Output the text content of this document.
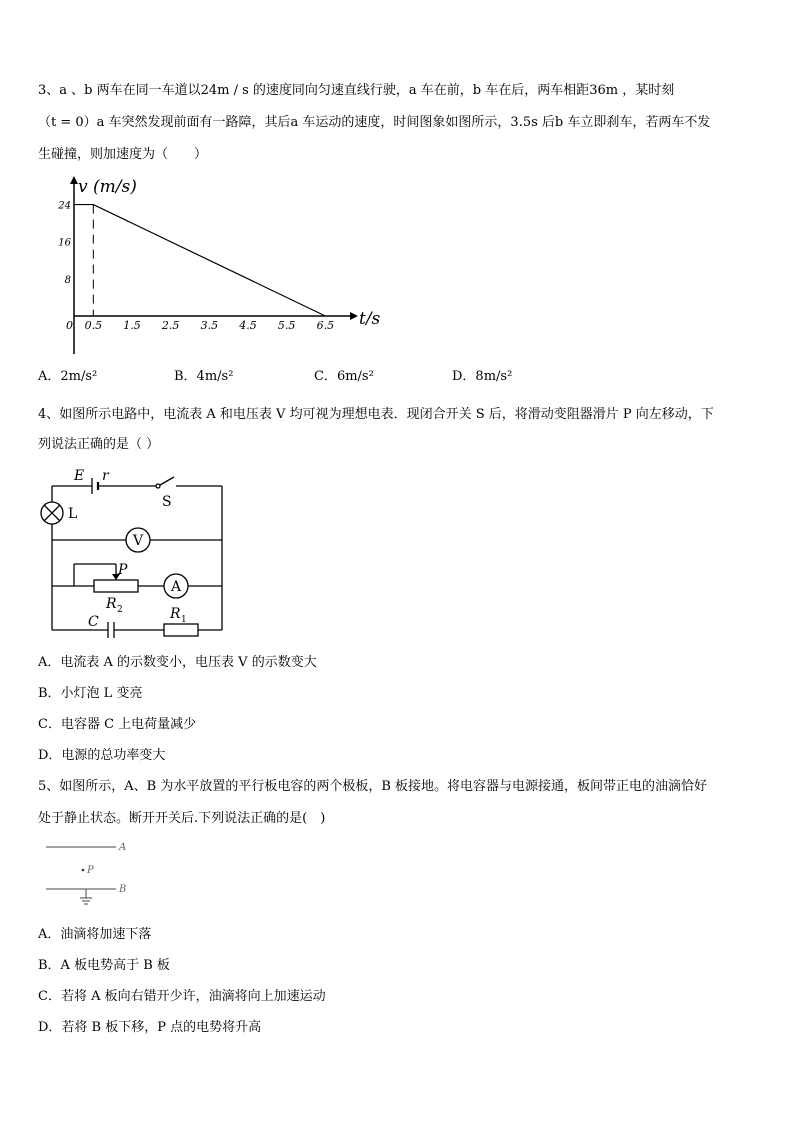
3、a 、b 两车在同一车道以24m / s 的速度同向匀速直线行驶，a 车在前，b 车在后，两车相距36m ，某时刻
（t = 0）a 车突然发现前面有一路障，其后a 车运动的速度，时间图象如图所示，3.5s 后b 车立即刹车，若两车不发
生碰撞，则加速度为（　　）
v (m/s)
t/s
24
16
8
0 0.5 1.5 2.5 3.5 4.5 5.5 6.5
A．2m/s²	B．4m/s²	C．6m/s²	D．8m/s²
4、如图所示电路中，电流表 A 和电压表 V 均可视为理想电表．现闭合开关 S 后，将滑动变阻器滑片 P 向左移动，下
列说法正确的是（ ）
E r
S
L
V
A
P
R 2	R 1
C
A．电流表 A 的示数变小，电压表 V 的示数变大
B．小灯泡 L 变亮
C．电容器 C 上电荷量减少
D．电源的总功率变大
5、如图所示，A、B 为水平放置的平行板电容的两个极板，B 板接地。将电容器与电源接通，板间带正电的油滴恰好
处于静止状态。断开开关后.下列说法正确的是(　)
A
B
P
A．油滴将加速下落
B．A 板电势高于 B 板
C．若将 A 板向右错开少许，油滴将向上加速运动
D．若将 B 板下移，P 点的电势将升高
